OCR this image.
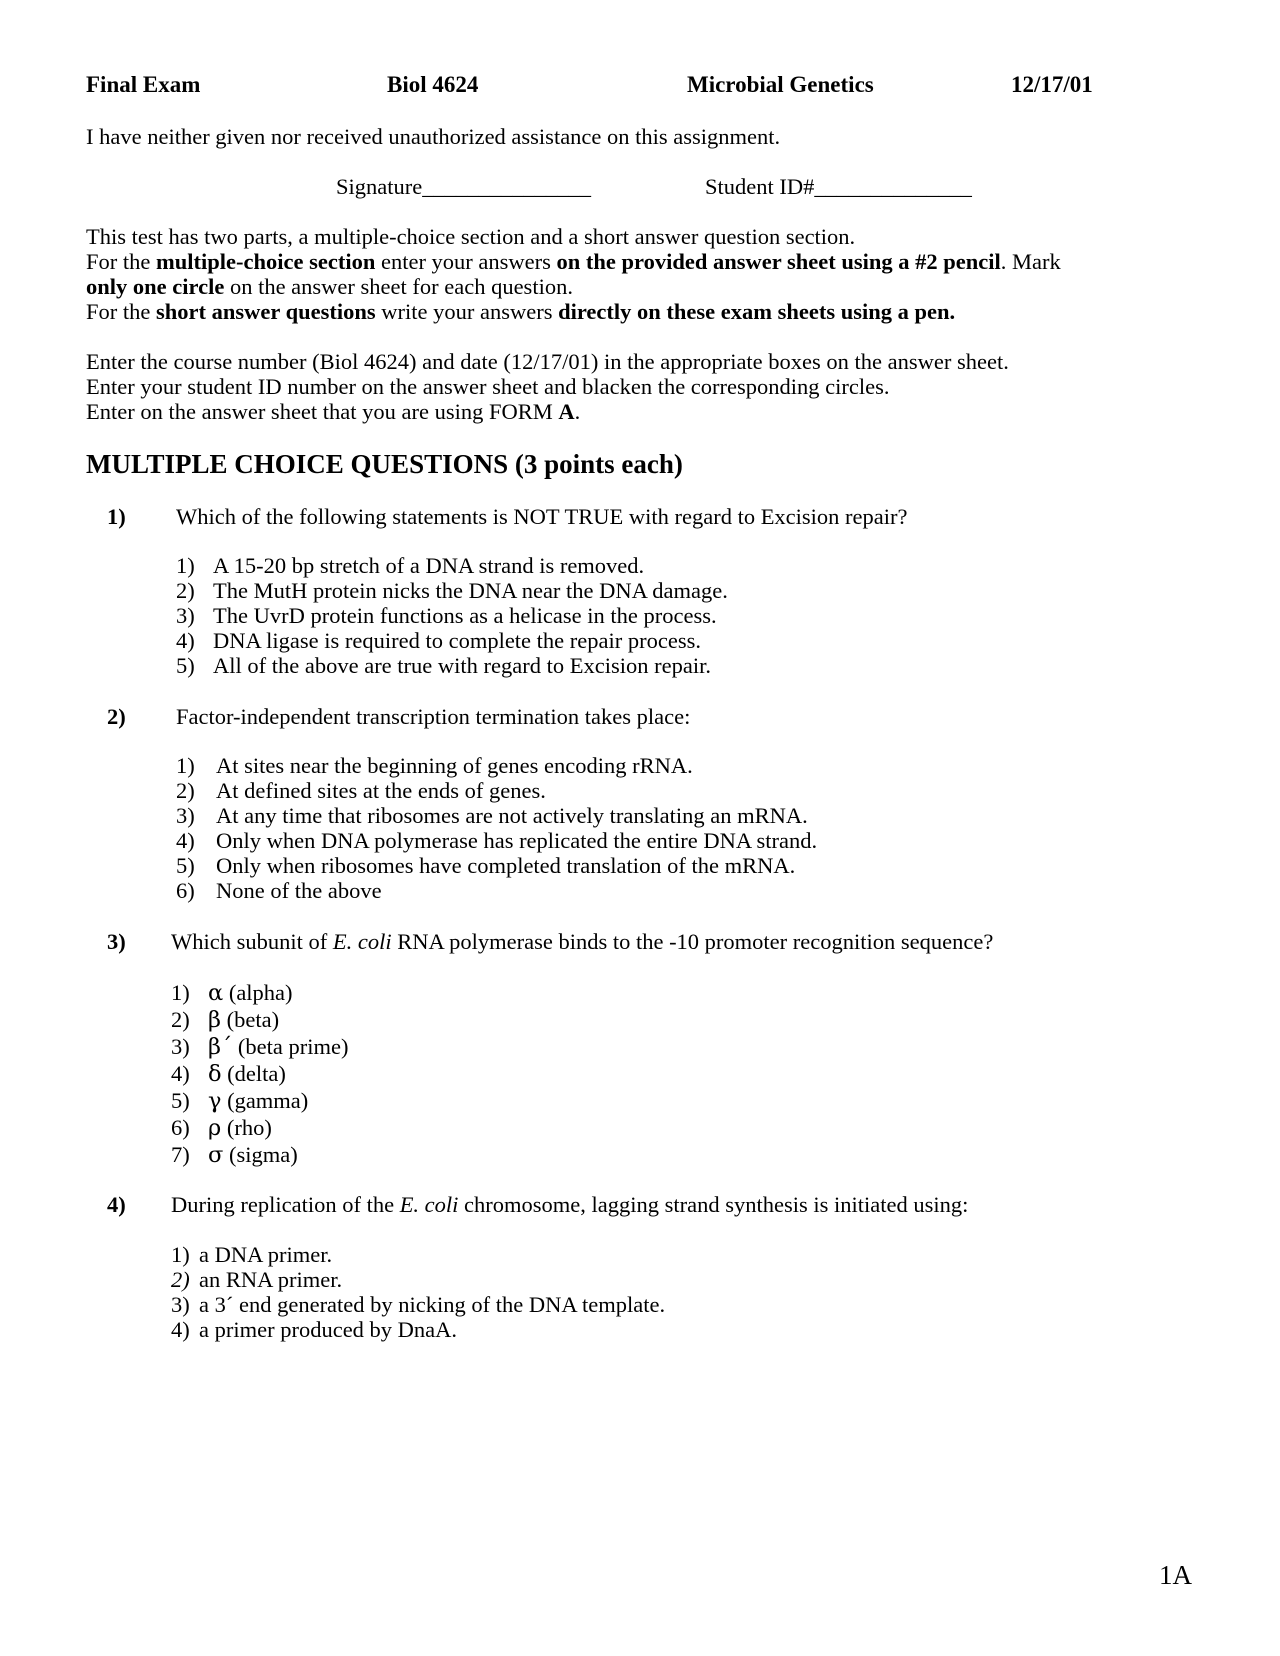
Final Exam	Biol 4624	Microbial Genetics	12/17/01
I have neither given nor received unauthorized assistance on this assignment.
Signature_______________	Student ID#______________
This test has two parts, a multiple-choice section and a short answer question section.
For the multiple-choice section enter your answers on the provided answer sheet using a #2 pencil. Mark
only one circle on the answer sheet for each question.
For the short answer questions write your answers directly on these exam sheets using a pen.
Enter the course number (Biol 4624) and date (12/17/01) in the appropriate boxes on the answer sheet.
Enter your student ID number on the answer sheet and blacken the corresponding circles.
Enter on the answer sheet that you are using FORM A.
MULTIPLE CHOICE QUESTIONS (3 points each)
1) Which of the following statements is NOT TRUE with regard to Excision repair?
1) A 15-20 bp stretch of a DNA strand is removed.
2) The MutH protein nicks the DNA near the DNA damage.
3) The UvrD protein functions as a helicase in the process.
4) DNA ligase is required to complete the repair process.
5) All of the above are true with regard to Excision repair.
2) Factor-independent transcription termination takes place:
1) At sites near the beginning of genes encoding rRNA.
2) At defined sites at the ends of genes.
3) At any time that ribosomes are not actively translating an mRNA.
4) Only when DNA polymerase has replicated the entire DNA strand.
5) Only when ribosomes have completed translation of the mRNA.
6) None of the above
3) Which subunit of E. coli RNA polymerase binds to the -10 promoter recognition sequence?
1) α (alpha)
2) β (beta)
3) β´ (beta prime)
4) δ (delta)
5) γ (gamma)
6) ρ (rho)
7) σ (sigma)
4) During replication of the E. coli chromosome, lagging strand synthesis is initiated using:
1) a DNA primer.
2) an RNA primer.
3) a 3´ end generated by nicking of the DNA template.
4) a primer produced by DnaA.
1A
